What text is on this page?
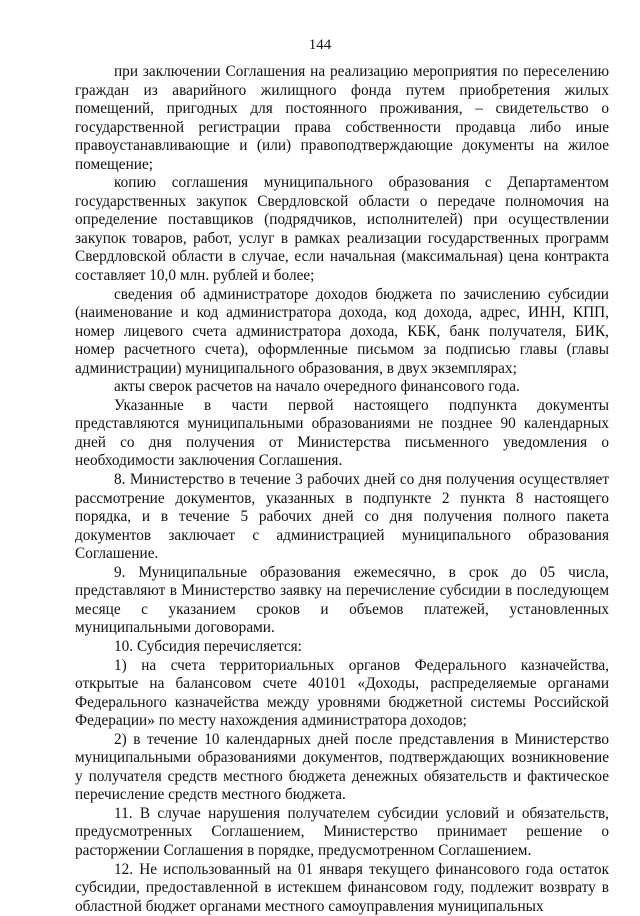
144

при заключении Соглашения на реализацию мероприятия по переселению граждан из аварийного жилищного фонда путем приобретения жилых помещений, пригодных для постоянного проживания, – свидетельство о государственной регистрации права собственности продавца либо иные правоустанавливающие и (или) правоподтверждающие документы на жилое помещение;

копию соглашения муниципального образования с Департаментом государственных закупок Свердловской области о передаче полномочия на определение поставщиков (подрядчиков, исполнителей) при осуществлении закупок товаров, работ, услуг в рамках реализации государственных программ Свердловской области в случае, если начальная (максимальная) цена контракта составляет 10,0 млн. рублей и более;

сведения об администраторе доходов бюджета по зачислению субсидии (наименование и код администратора дохода, код дохода, адрес, ИНН, КПП, номер лицевого счета администратора дохода, КБК, банк получателя, БИК, номер расчетного счета), оформленные письмом за подписью главы (главы администрации) муниципального образования, в двух экземплярах;

акты сверок расчетов на начало очередного финансового года.

Указанные в части первой настоящего подпункта документы представляются муниципальными образованиями не позднее 90 календарных дней со дня получения от Министерства письменного уведомления о необходимости заключения Соглашения.

8. Министерство в течение 3 рабочих дней со дня получения осуществляет рассмотрение документов, указанных в подпункте 2 пункта 8 настоящего порядка, и в течение 5 рабочих дней со дня получения полного пакета документов заключает с администрацией муниципального образования Соглашение.

9. Муниципальные образования ежемесячно, в срок до 05 числа, представляют в Министерство заявку на перечисление субсидии в последующем месяце с указанием сроков и объемов платежей, установленных муниципальными договорами.

10. Субсидия перечисляется:

1) на счета территориальных органов Федерального казначейства, открытые на балансовом счете 40101 «Доходы, распределяемые органами Федерального казначейства между уровнями бюджетной системы Российской Федерации» по месту нахождения администратора доходов;

2) в течение 10 календарных дней после представления в Министерство муниципальными образованиями документов, подтверждающих возникновение у получателя средств местного бюджета денежных обязательств и фактическое перечисление средств местного бюджета.

11. В случае нарушения получателем субсидии условий и обязательств, предусмотренных Соглашением, Министерство принимает решение о расторжении Соглашения в порядке, предусмотренном Соглашением.

12. Не использованный на 01 января текущего финансового года остаток субсидии, предоставленной в истекшем финансовом году, подлежит возврату в областной бюджет органами местного самоуправления муниципальных
